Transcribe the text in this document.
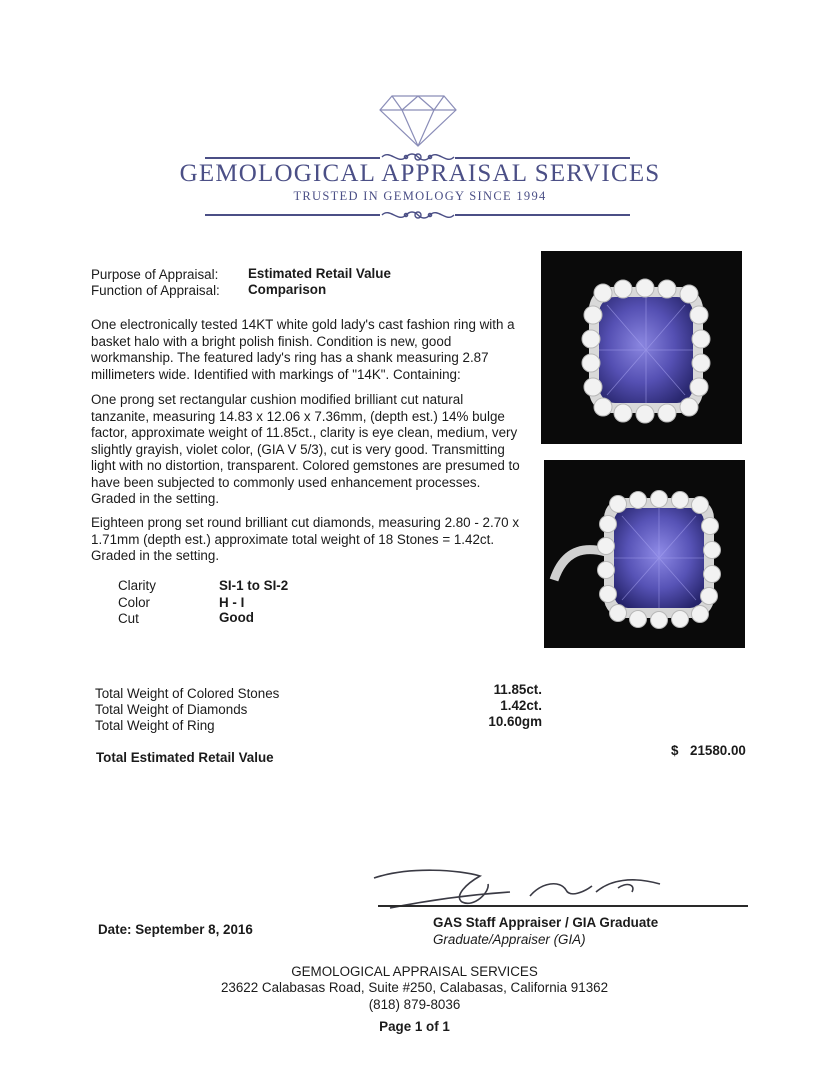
GEMOLOGICAL APPRAISAL SERVICES
TRUSTED IN GEMOLOGY SINCE 1994
Purpose of Appraisal: Estimated Retail Value
Function of Appraisal: Comparison
One electronically tested 14KT white gold lady's cast fashion ring with a basket halo with a bright polish finish. Condition is new, good workmanship. The featured lady's ring has a shank measuring 2.87 millimeters wide. Identified with markings of "14K". Containing:
One prong set rectangular cushion modified brilliant cut natural tanzanite, measuring 14.83 x 12.06 x 7.36mm, (depth est.) 14% bulge factor, approximate weight of 11.85ct., clarity is eye clean, medium, very slightly grayish, violet color, (GIA V 5/3), cut is very good. Transmitting light with no distortion, transparent. Colored gemstones are presumed to have been subjected to commonly used enhancement processes. Graded in the setting.
Eighteen prong set round brilliant cut diamonds, measuring 2.80 - 2.70 x 1.71mm (depth est.) approximate total weight of 18 Stones = 1.42ct. Graded in the setting.
Clarity	SI-1 to SI-2
Color	H - I
Cut	Good
Total Weight of Colored Stones	11.85ct.
Total Weight of Diamonds	1.42ct.
Total Weight of Ring	10.60gm
Total Estimated Retail Value	$ 21580.00
Date: September 8, 2016	GAS Staff Appraiser / GIA Graduate
Graduate/Appraiser (GIA)
GEMOLOGICAL APPRAISAL SERVICES
23622 Calabasas Road, Suite #250, Calabasas, California 91362
(818) 879-8036
Page 1 of 1
